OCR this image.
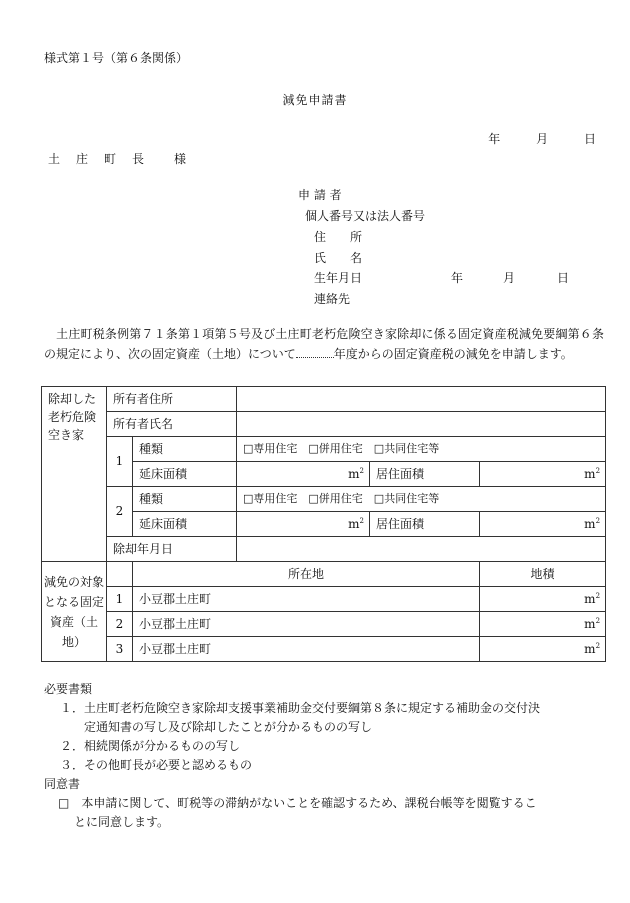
様式第１号（第６条関係）
減免申請書
年	月	日
土　庄　町　長　　様
申 請 者
個人番号又は法人番号
住　　所
氏　　名
生年月日	年	月	日
連絡先
　土庄町税条例第７１条第１項第５号及び土庄町老朽危険空き家除却に係る固定資産税減免要綱第６条の規定により、次の固定資産（土地）について	年度からの固定資産税の減免を申請します。
除却した老朽危険空き家	所有者住所				
	所有者氏名				
	1	種類	□専用住宅　□併用住宅　□共同住宅等		
		延床面積	$m^2$	居住面積	$m^2$
	2	種類	□専用住宅　□併用住宅　□共同住宅等		
		延床面積	$m^2$	居住面積	$m^2$
	除却年月日				
減免の対象となる固定資産（土地）		所在地			地積
	1	小豆郡土庄町			$m^2$
	2	小豆郡土庄町			$m^2$
	3	小豆郡土庄町			$m^2$
必要書類
１．土庄町老朽危険空き家除却支援事業補助金交付要綱第８条に規定する補助金の交付決
定通知書の写し及び除却したことが分かるものの写し
２．相続関係が分かるものの写し
３．その他町長が必要と認めるもの
同意書
□　本申請に関して、町税等の滞納がないことを確認するため、課税台帳等を閲覧するこ
とに同意します。
